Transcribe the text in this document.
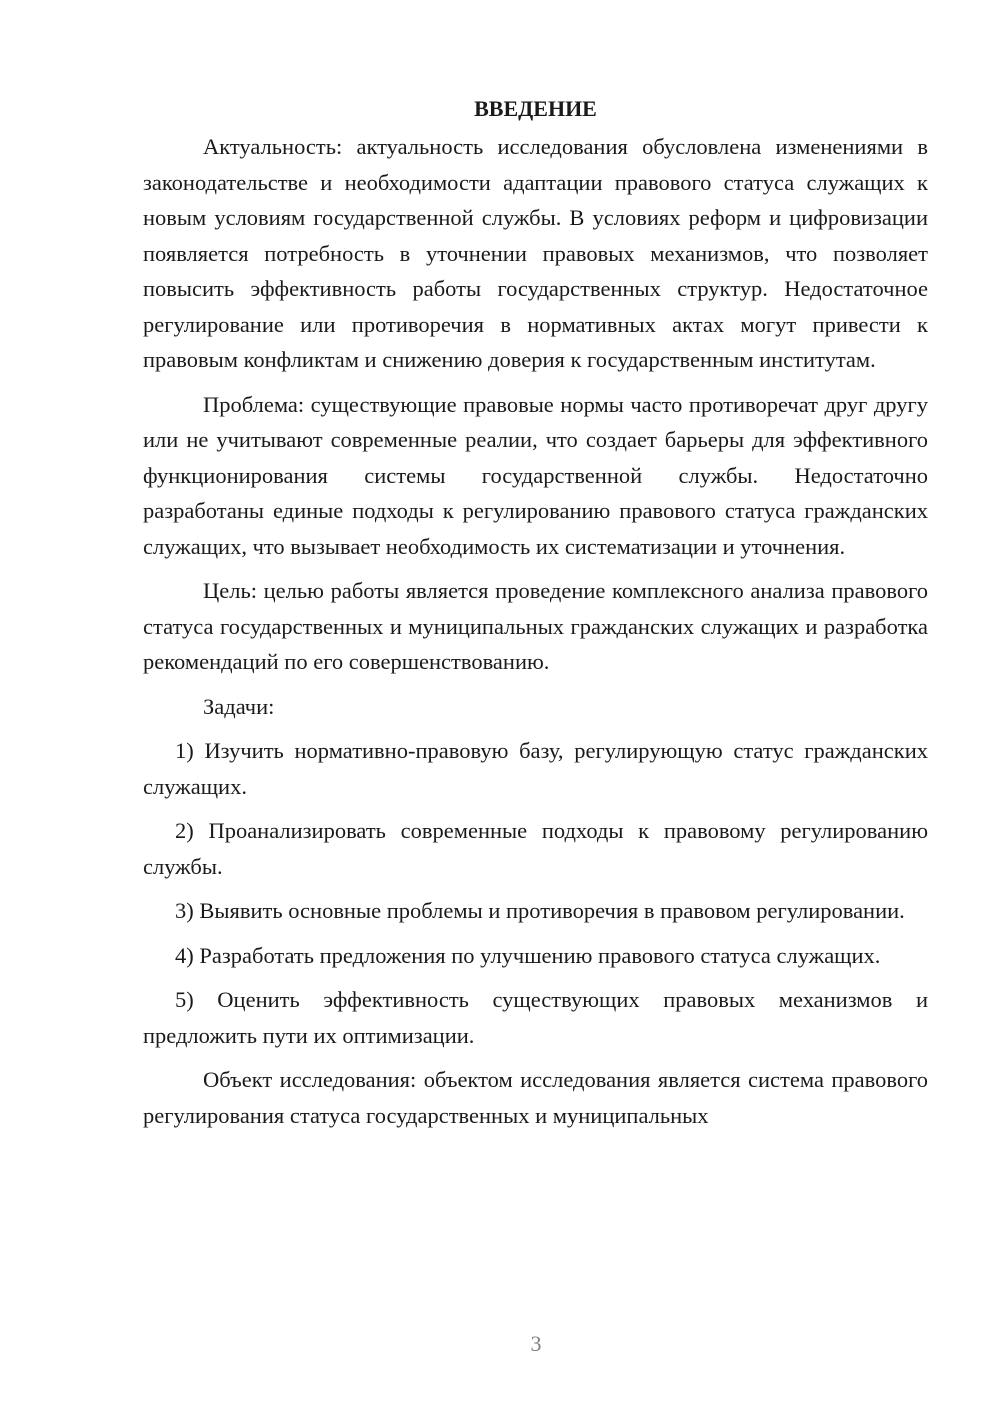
ВВЕДЕНИЕ

Актуальность: актуальность исследования обусловлена изменениями в законодательстве и необходимости адаптации правового статуса служащих к новым условиям государственной службы. В условиях реформ и цифровизации появляется потребность в уточнении правовых механизмов, что позволяет повысить эффективность работы государственных структур. Недостаточное регулирование или противоречия в нормативных актах могут привести к правовым конфликтам и снижению доверия к государственным институтам.

Проблема: существующие правовые нормы часто противоречат друг другу или не учитывают современные реалии, что создает барьеры для эффективного функционирования системы государственной службы. Недостаточно разработаны единые подходы к регулированию правового статуса гражданских служащих, что вызывает необходимость их систематизации и уточнения.

Цель: целью работы является проведение комплексного анализа правового статуса государственных и муниципальных гражданских служащих и разработка рекомендаций по его совершенствованию.

Задачи:

1) Изучить нормативно-правовую базу, регулирующую статус гражданских служащих.

2) Проанализировать современные подходы к правовому регулированию службы.

3) Выявить основные проблемы и противоречия в правовом регулировании.

4) Разработать предложения по улучшению правового статуса служащих.

5) Оценить эффективность существующих правовых механизмов и предложить пути их оптимизации.

Объект исследования: объектом исследования является система правового регулирования статуса государственных и муниципальных

3
